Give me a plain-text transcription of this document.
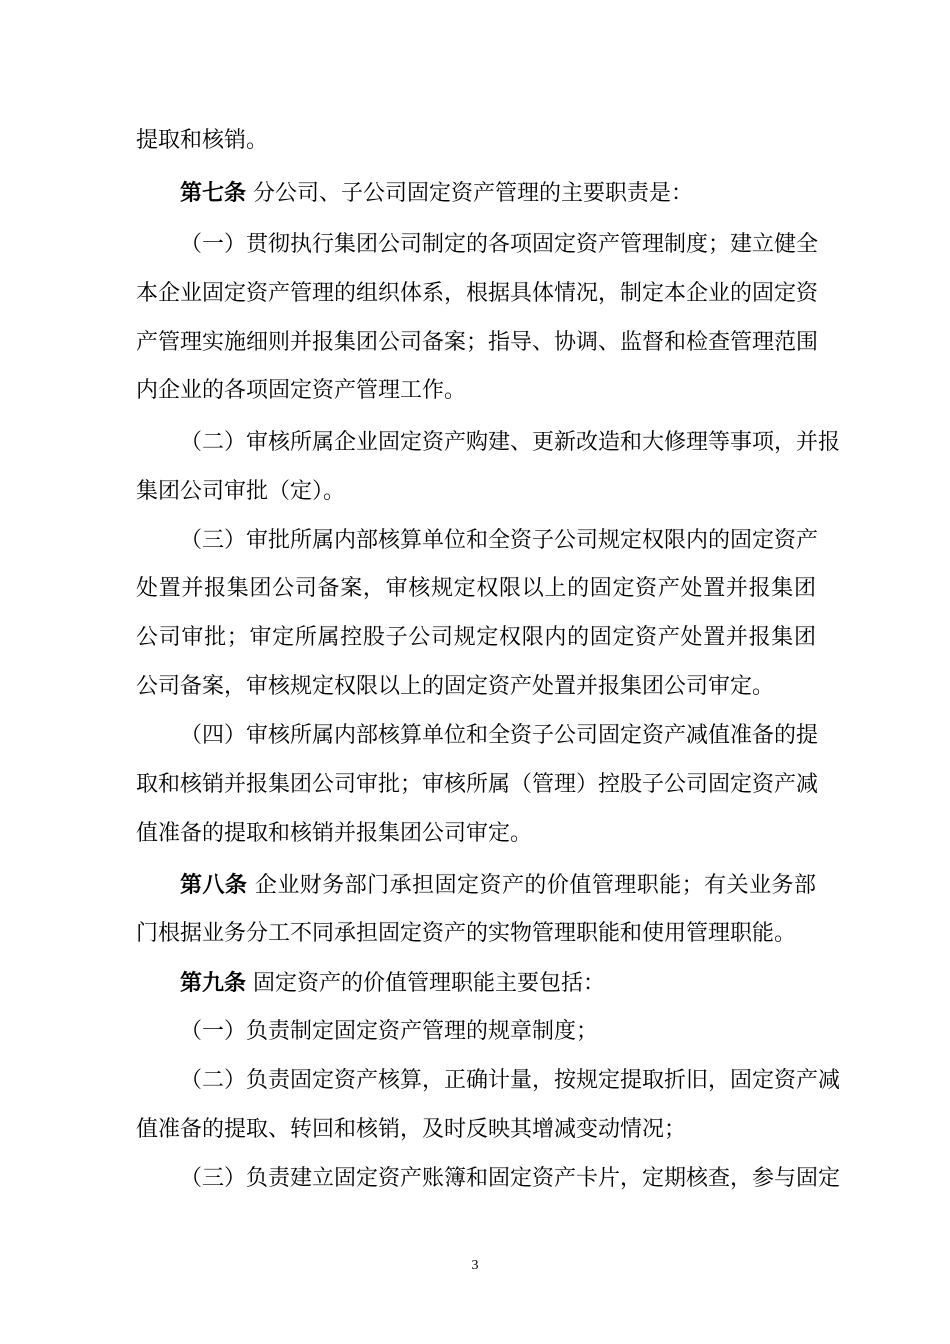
提取和核销。
第七条 分公司、子公司固定资产管理的主要职责是：
（一）贯彻执行集团公司制定的各项固定资产管理制度；建立健全
本企业固定资产管理的组织体系，根据具体情况，制定本企业的固定资
产管理实施细则并报集团公司备案；指导、协调、监督和检查管理范围
内企业的各项固定资产管理工作。
（二）审核所属企业固定资产购建、更新改造和大修理等事项，并报
集团公司审批（定）。
（三）审批所属内部核算单位和全资子公司规定权限内的固定资产
处置并报集团公司备案，审核规定权限以上的固定资产处置并报集团
公司审批；审定所属控股子公司规定权限内的固定资产处置并报集团
公司备案，审核规定权限以上的固定资产处置并报集团公司审定。
（四）审核所属内部核算单位和全资子公司固定资产减值准备的提
取和核销并报集团公司审批；审核所属（管理）控股子公司固定资产减
值准备的提取和核销并报集团公司审定。
第八条 企业财务部门承担固定资产的价值管理职能；有关业务部
门根据业务分工不同承担固定资产的实物管理职能和使用管理职能。
第九条 固定资产的价值管理职能主要包括：
（一）负责制定固定资产管理的规章制度；
（二）负责固定资产核算，正确计量，按规定提取折旧，固定资产减
值准备的提取、转回和核销，及时反映其增减变动情况；
（三）负责建立固定资产账簿和固定资产卡片，定期核查，参与固定
3
